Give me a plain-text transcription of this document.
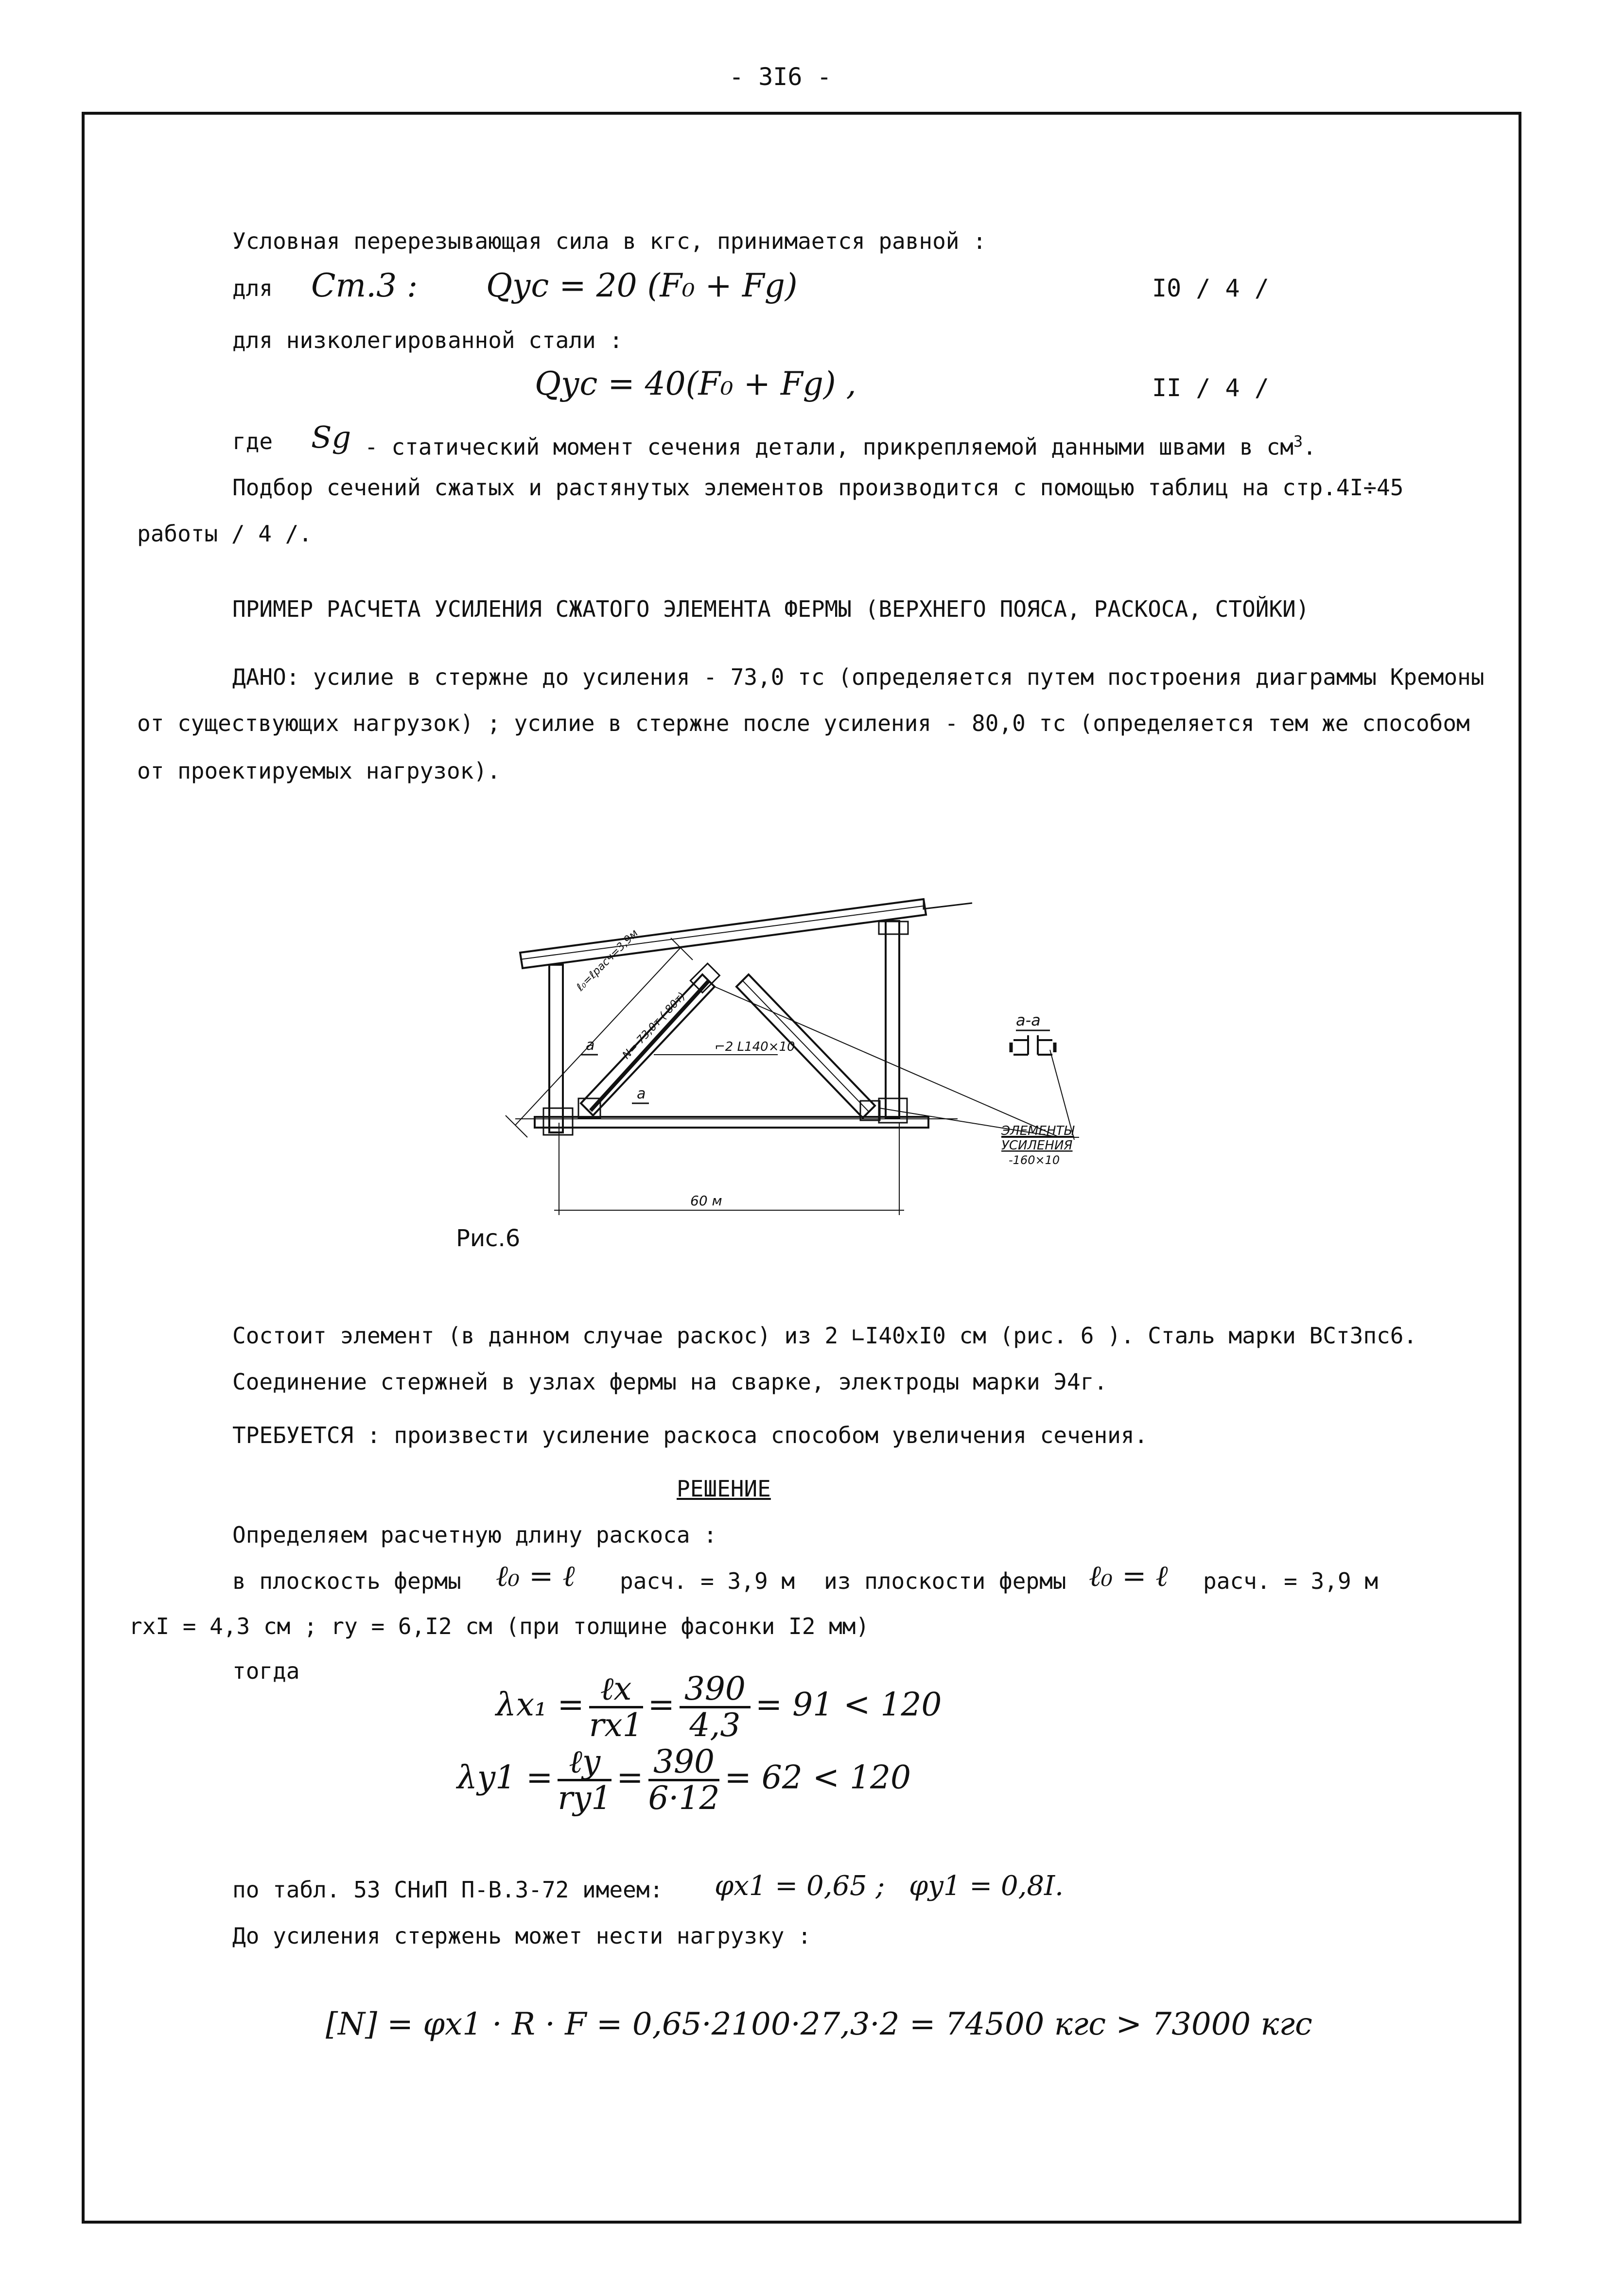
- 3I6 -
Условная перерезывающая сила в кгс, принимается равной :
для Ст.3 : Qус = 20 (F₀ + Fg)	I0 / 4 /
для низколегированной стали :
Qус = 40(F₀ + Fg) ,	II / 4 /
где Sg - статический момент сечения детали, прикрепляемой данными швами в $см^3$.
Подбор сечений сжатых и растянутых элементов производится с помощью таблиц на стр.4I÷45
работы / 4 /.
ПРИМЕР РАСЧЕТА УСИЛЕНИЯ СЖАТОГО ЭЛЕМЕНТА ФЕРМЫ (ВЕРХНЕГО ПОЯСА, РАСКОСА, СТОЙКИ)
ДАНО: усилие в стержне до усиления - 73,0 тс (определяется путем построения диаграммы Кремоны
от существующих нагрузок) ; усилие в стержне после усиления - 80,0 тс (определяется тем же способом
от проектируемых нагрузок).
ℓ₀=ℓрасч=3,9м
N=-73,0т (-80т) ⌐2 L140×10
а
а
а-а
ЭЛЕМЕНТЫ
УСИЛЕНИЯ
-160×10
60 м
Рис.6
Состоит элемент (в данном случае раскос) из 2 ∟I40хI0 см (рис. 6 ). Сталь марки ВСт3пс6.
Соединение стержней в узлах фермы на сварке, электроды марки Э4г.
ТРЕБУЕТСЯ : произвести усиление раскоса способом увеличения сечения.
РЕШЕНИЕ
Определяем расчетную длину раскоса :
в плоскость фермы ℓ₀ = ℓ расч. = 3,9 м из плоскости фермы ℓ₀ = ℓ расч. = 3,9 м
rxI = 4,3 см ; ry = 6,I2 см (при толщине фасонки I2 мм)
тогда
$\lambda x_1 = \frac{\text{ℓx}}{rx1} = \frac{390}{4,3} = 91 < 120$
$\lambda y1 = \frac{\text{ℓy}}{ry1} = \frac{390}{6\cdot 12} = 62 < 120$
по табл. 53 СНиП П-В.3-72 имеем: φx1 = 0,65 ; φy1 = 0,8I.
До усиления стержень может нести нагрузку :
[N] = φx1 · R · F = 0,65·2100·27,3·2 = 74500 кгс > 73000 кгс
